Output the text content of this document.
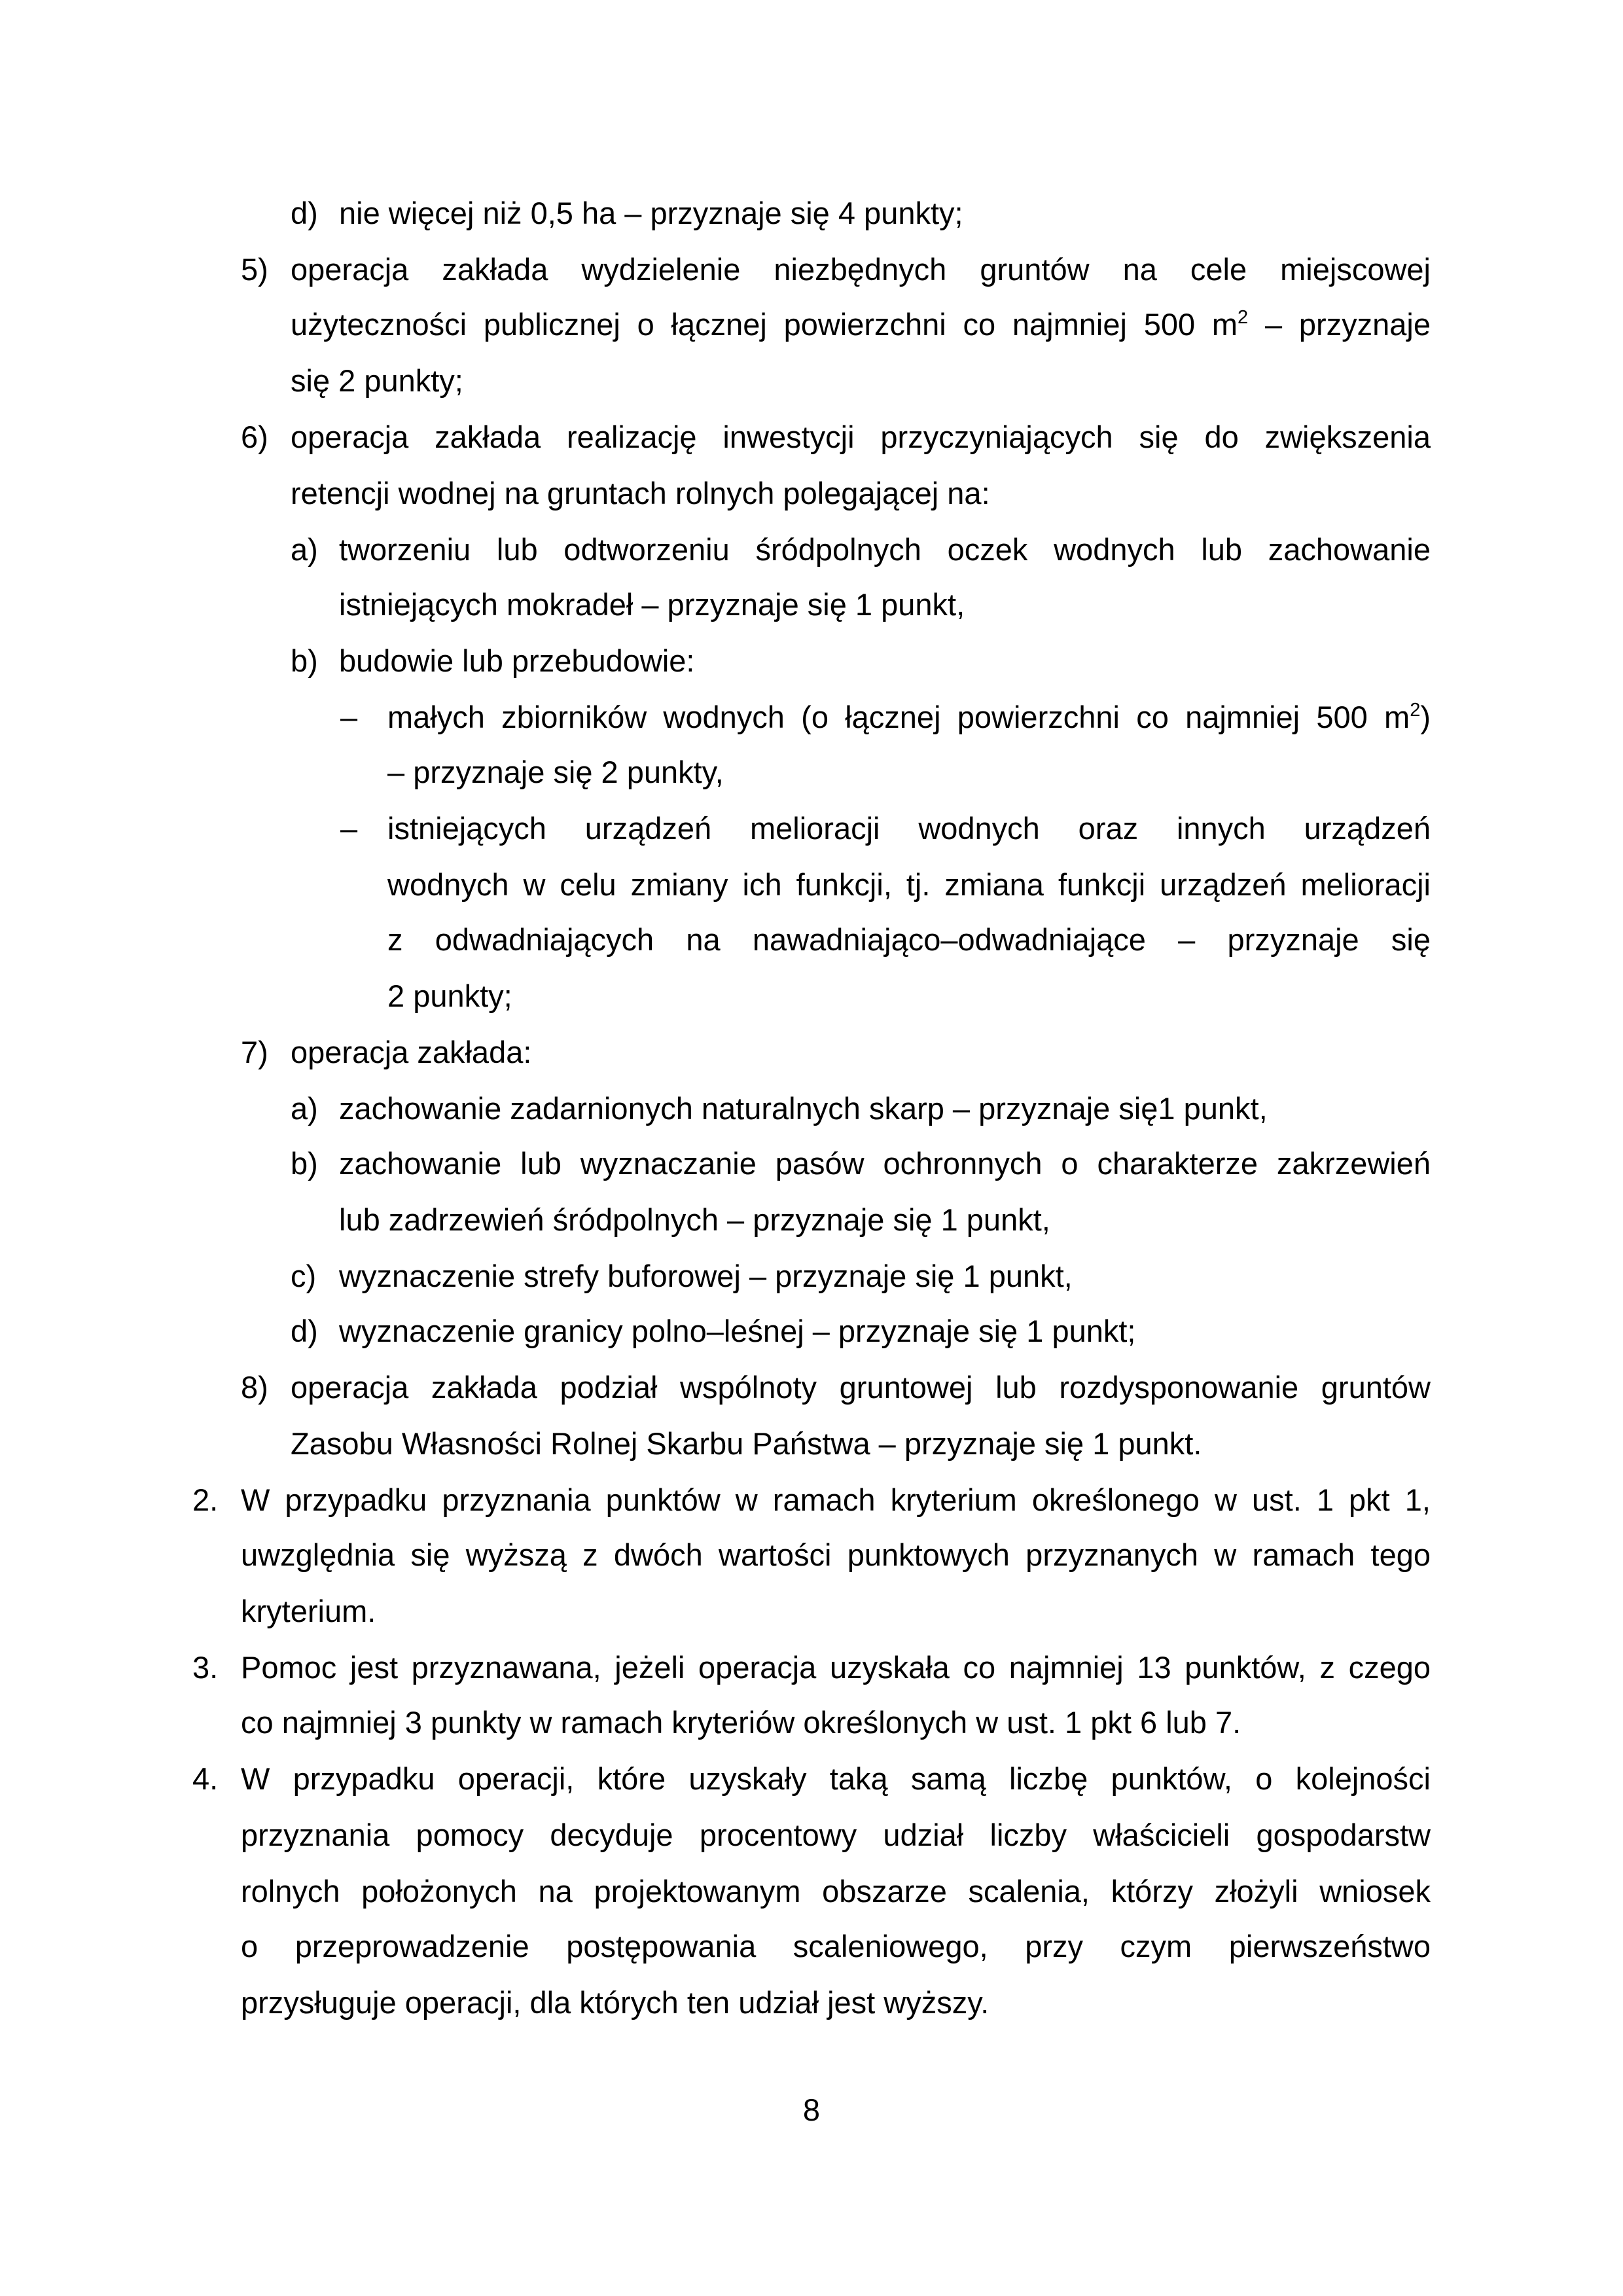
d) nie więcej niż 0,5 ha – przyznaje się 4 punkty;
5) operacja zakłada wydzielenie niezbędnych gruntów na cele miejscowej
użyteczności publicznej o łącznej powierzchni co najmniej 500 $m^2$ – przyznaje
się 2 punkty;
6) operacja zakłada realizację inwestycji przyczyniających się do zwiększenia
retencji wodnej na gruntach rolnych polegającej na:
a) tworzeniu lub odtworzeniu śródpolnych oczek wodnych lub zachowanie
istniejących mokradeł – przyznaje się 1 punkt,
b) budowie lub przebudowie:
– małych zbiorników wodnych (o łącznej powierzchni co najmniej 500 $m^2$)
– przyznaje się 2 punkty,
– istniejących urządzeń melioracji wodnych oraz innych urządzeń
wodnych w celu zmiany ich funkcji, tj. zmiana funkcji urządzeń melioracji
z odwadniających na nawadniająco–odwadniające – przyznaje się
2 punkty;
7) operacja zakłada:
a) zachowanie zadarnionych naturalnych skarp – przyznaje się1 punkt,
b) zachowanie lub wyznaczanie pasów ochronnych o charakterze zakrzewień
lub zadrzewień śródpolnych – przyznaje się 1 punkt,
c) wyznaczenie strefy buforowej – przyznaje się 1 punkt,
d) wyznaczenie granicy polno–leśnej – przyznaje się 1 punkt;
8) operacja zakłada podział wspólnoty gruntowej lub rozdysponowanie gruntów
Zasobu Własności Rolnej Skarbu Państwa – przyznaje się 1 punkt.
2. W przypadku przyznania punktów w ramach kryterium określonego w ust. 1 pkt 1,
uwzględnia się wyższą z dwóch wartości punktowych przyznanych w ramach tego
kryterium.
3. Pomoc jest przyznawana, jeżeli operacja uzyskała co najmniej 13 punktów, z czego
co najmniej 3 punkty w ramach kryteriów określonych w ust. 1 pkt 6 lub 7.
4. W przypadku operacji, które uzyskały taką samą liczbę punktów, o kolejności
przyznania pomocy decyduje procentowy udział liczby właścicieli gospodarstw
rolnych położonych na projektowanym obszarze scalenia, którzy złożyli wniosek
o przeprowadzenie postępowania scaleniowego, przy czym pierwszeństwo
przysługuje operacji, dla których ten udział jest wyższy.
8
